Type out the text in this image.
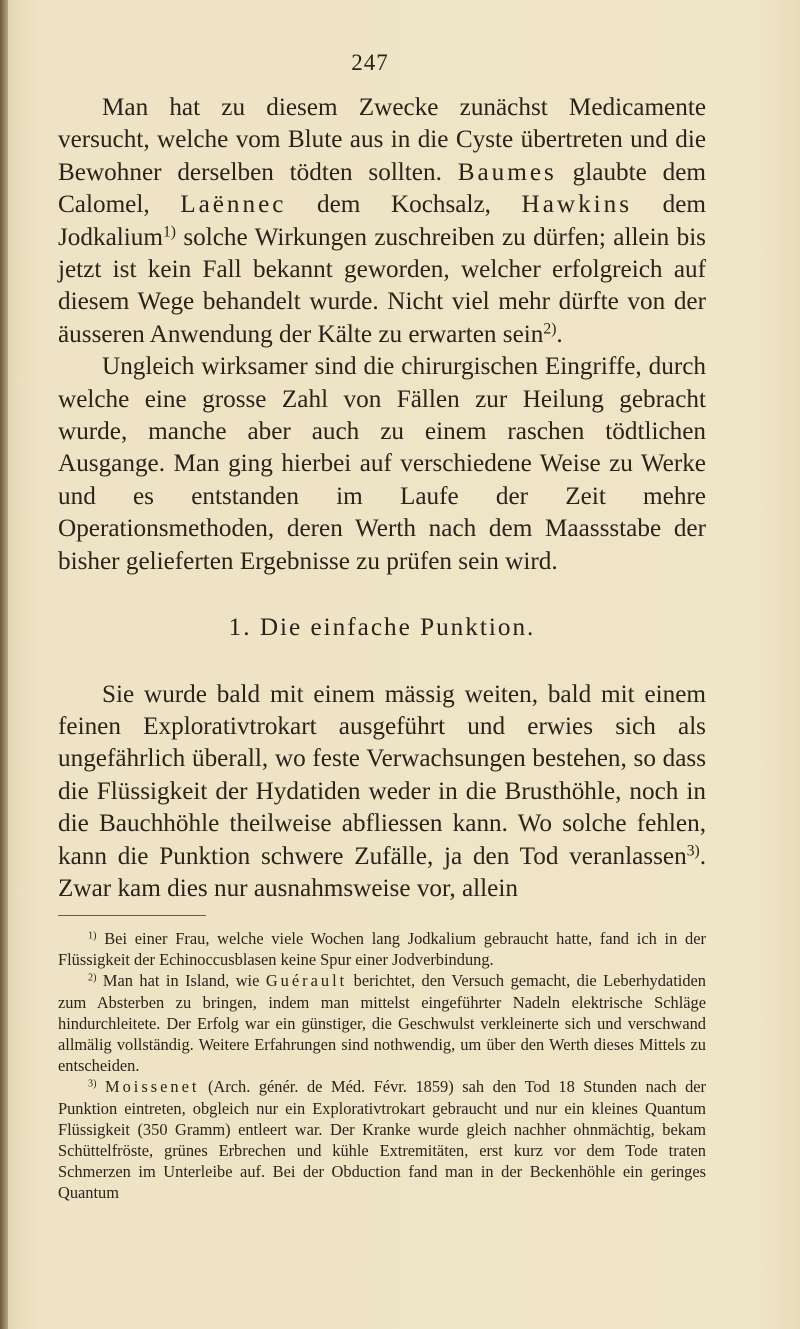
247

Man hat zu diesem Zwecke zunächst Medicamente versucht, welche vom Blute aus in die Cyste übertreten und die Bewohner derselben tödten sollten. Baumes glaubte dem Calomel, Laënnec dem Kochsalz, Hawkins dem Jodkalium$^{1)}$ solche Wirkungen zuschreiben zu dürfen; allein bis jetzt ist kein Fall bekannt geworden, welcher erfolgreich auf diesem Wege behandelt wurde. Nicht viel mehr dürfte von der äusseren Anwendung der Kälte zu erwarten sein$^{2)}$.

Ungleich wirksamer sind die chirurgischen Eingriffe, durch welche eine grosse Zahl von Fällen zur Heilung gebracht wurde, manche aber auch zu einem raschen tödtlichen Ausgange. Man ging hierbei auf verschiedene Weise zu Werke und es entstanden im Laufe der Zeit mehre Operationsmethoden, deren Werth nach dem Maassstabe der bisher gelieferten Ergebnisse zu prüfen sein wird.

1. Die einfache Punktion.

Sie wurde bald mit einem mässig weiten, bald mit einem feinen Explorativtrokart ausgeführt und erwies sich als ungefährlich überall, wo feste Verwachsungen bestehen, so dass die Flüssigkeit der Hydatiden weder in die Brusthöhle, noch in die Bauchhöhle theilweise abfliessen kann. Wo solche fehlen, kann die Punktion schwere Zufälle, ja den Tod veranlassen$^{3)}$. Zwar kam dies nur ausnahmsweise vor, allein

$^{1)}$ Bei einer Frau, welche viele Wochen lang Jodkalium gebraucht hatte, fand ich in der Flüssigkeit der Echinoccusblasen keine Spur einer Jodverbindung.

$^{2)}$ Man hat in Island, wie Guérault berichtet, den Versuch gemacht, die Leberhydatiden zum Absterben zu bringen, indem man mittelst eingeführter Nadeln elektrische Schläge hindurchleitete. Der Erfolg war ein günstiger, die Geschwulst verkleinerte sich und verschwand allmälig vollständig. Weitere Erfahrungen sind nothwendig, um über den Werth dieses Mittels zu entscheiden.

$^{3)}$ Moissenet (Arch. génér. de Méd. Févr. 1859) sah den Tod 18 Stunden nach der Punktion eintreten, obgleich nur ein Explorativtrokart gebraucht und nur ein kleines Quantum Flüssigkeit (350 Gramm) entleert war. Der Kranke wurde gleich nachher ohnmächtig, bekam Schüttelfröste, grünes Erbrechen und kühle Extremitäten, erst kurz vor dem Tode traten Schmerzen im Unterleibe auf. Bei der Obduction fand man in der Beckenhöhle ein geringes Quantum
